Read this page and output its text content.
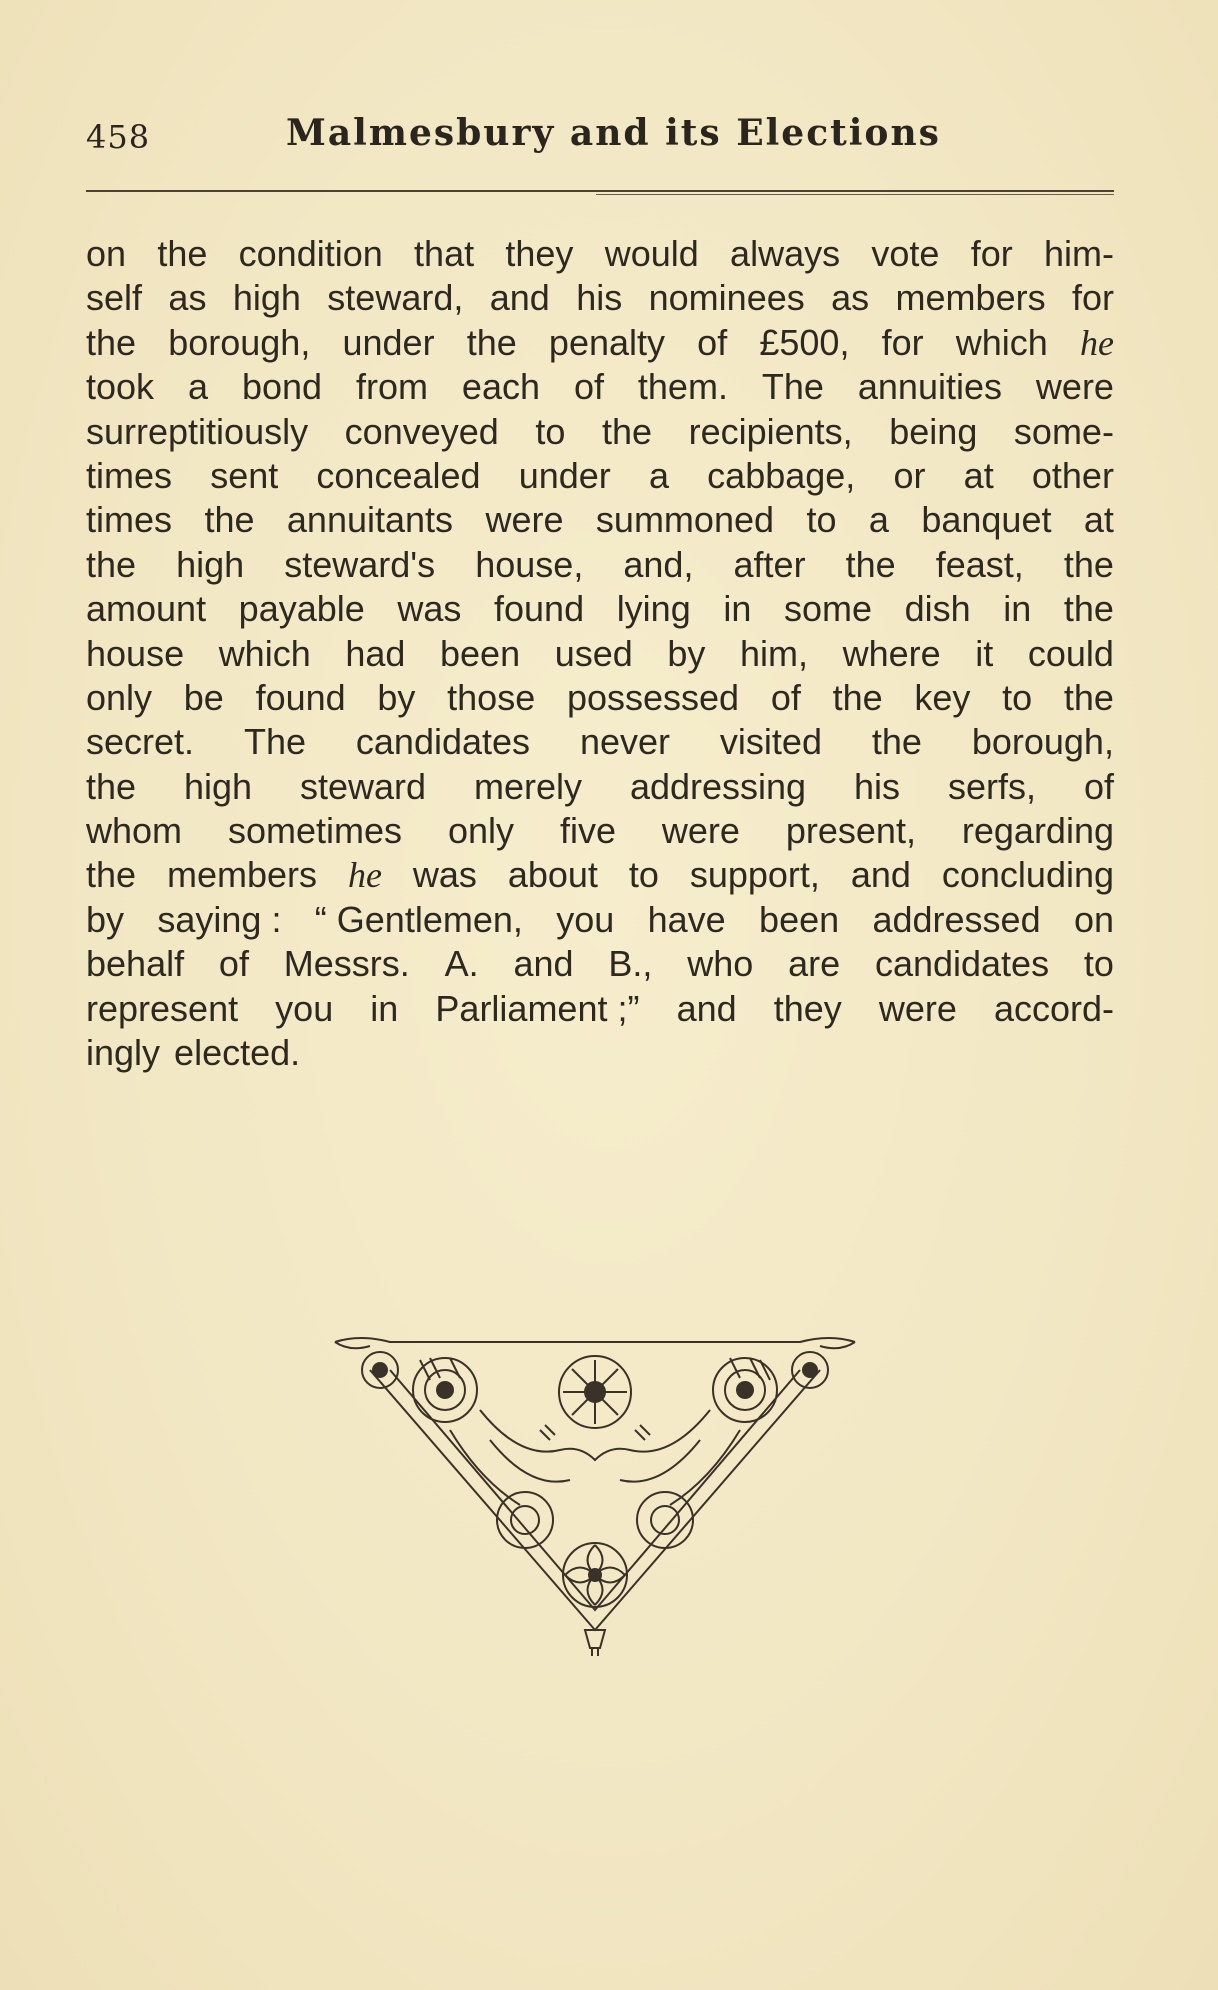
458	Malmesbury and its Elections
on the condition that they would always vote for him-
self as high steward, and his nominees as members for
the borough, under the penalty of £500, for which he
took a bond from each of them. The annuities were
surreptitiously conveyed to the recipients, being some-
times sent concealed under a cabbage, or at other
times the annuitants were summoned to a banquet at
the high steward's house, and, after the feast, the
amount payable was found lying in some dish in the
house which had been used by him, where it could
only be found by those possessed of the key to the
secret. The candidates never visited the borough,
the high steward merely addressing his serfs, of
whom sometimes only five were present, regarding
the members he was about to support, and concluding
by saying : “ Gentlemen, you have been addressed on
behalf of Messrs. A. and B., who are candidates to
represent you in Parliament ;” and they were accord-
ingly elected.
